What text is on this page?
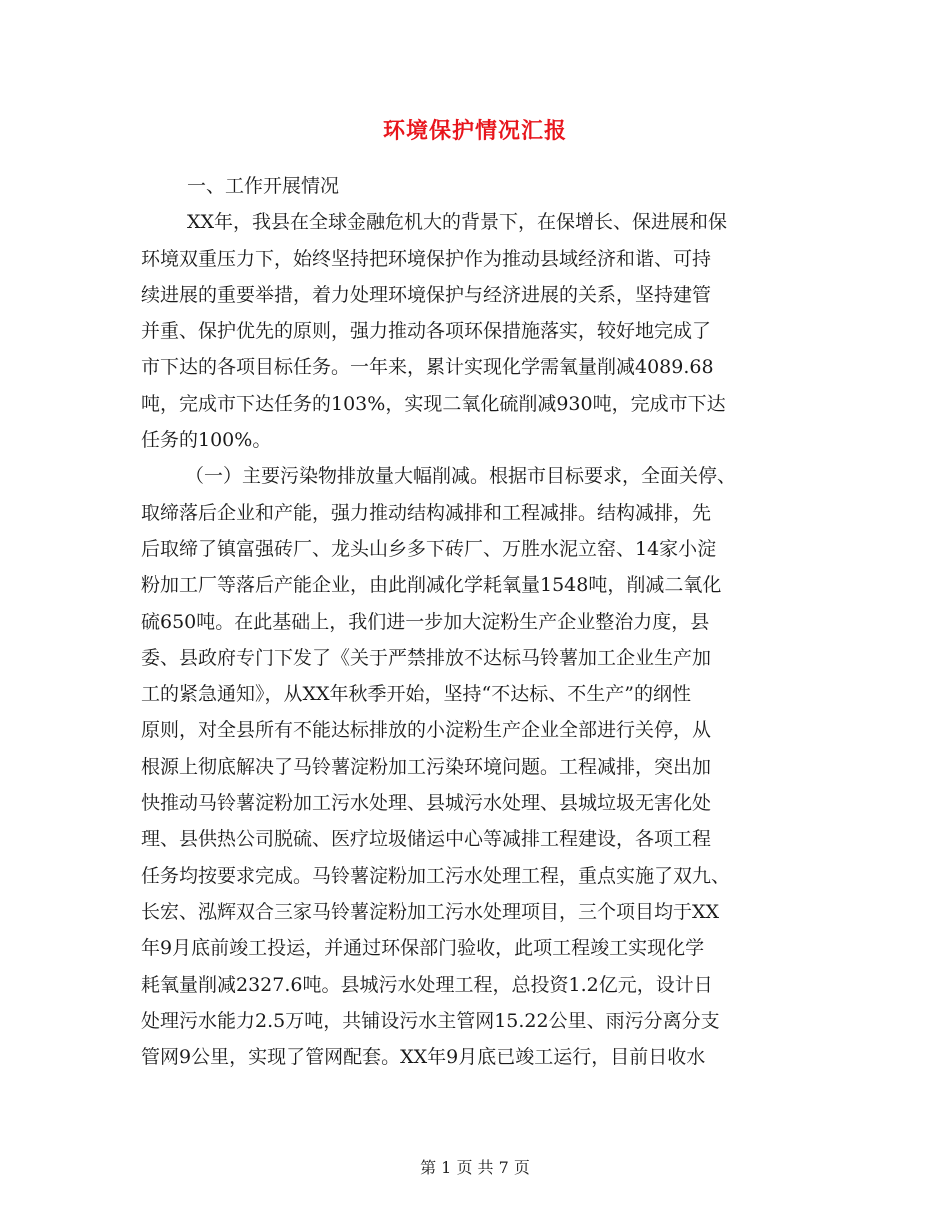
环境保护情况汇报
一、工作开展情况
XX年，我县在全球金融危机大的背景下，在保增长、保进展和保
环境双重压力下，始终坚持把环境保护作为推动县域经济和谐、可持
续进展的重要举措，着力处理环境保护与经济进展的关系，坚持建管
并重、保护优先的原则，强力推动各项环保措施落实，较好地完成了
市下达的各项目标任务。一年来，累计实现化学需氧量削减4089.68
吨，完成市下达任务的103%，实现二氧化硫削减930吨，完成市下达
任务的100%。
（一）主要污染物排放量大幅削减。根据市目标要求，全面关停、
取缔落后企业和产能，强力推动结构减排和工程减排。结构减排，先
后取缔了镇富强砖厂、龙头山乡多下砖厂、万胜水泥立窑、14家小淀
粉加工厂等落后产能企业，由此削减化学耗氧量1548吨，削减二氧化
硫650吨。在此基础上，我们进一步加大淀粉生产企业整治力度，县
委、县政府专门下发了《关于严禁排放不达标马铃薯加工企业生产加
工的紧急通知》，从XX年秋季开始，坚持“不达标、不生产”的纲性
原则，对全县所有不能达标排放的小淀粉生产企业全部进行关停，从
根源上彻底解决了马铃薯淀粉加工污染环境问题。工程减排，突出加
快推动马铃薯淀粉加工污水处理、县城污水处理、县城垃圾无害化处
理、县供热公司脱硫、医疗垃圾储运中心等减排工程建设，各项工程
任务均按要求完成。马铃薯淀粉加工污水处理工程，重点实施了双九、
长宏、泓辉双合三家马铃薯淀粉加工污水处理项目，三个项目均于XX
年9月底前竣工投运，并通过环保部门验收，此项工程竣工实现化学
耗氧量削减2327.6吨。县城污水处理工程，总投资1.2亿元，设计日
处理污水能力2.5万吨，共铺设污水主管网15.22公里、雨污分离分支
管网9公里，实现了管网配套。XX年9月底已竣工运行，目前日收水
第 1 页 共 7 页
